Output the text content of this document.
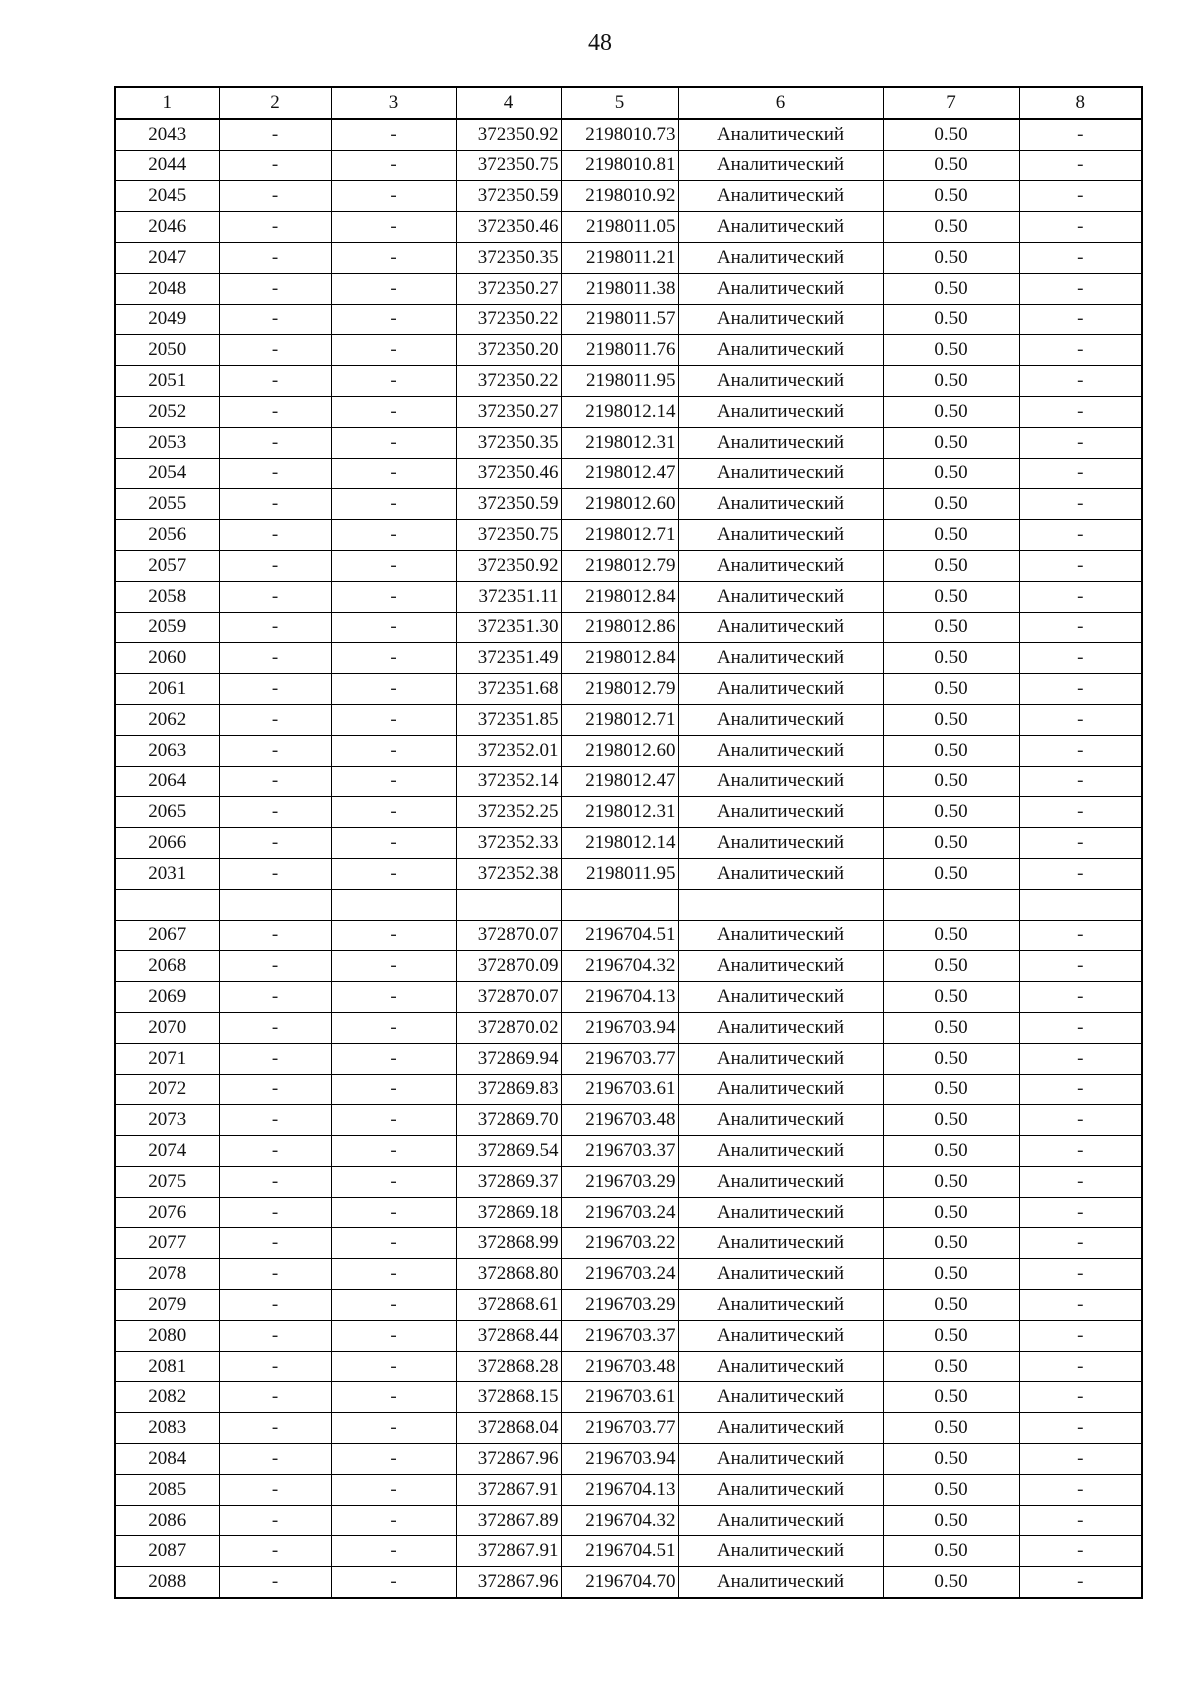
48
1	2	3	4	5	6	7	8
2043	-	-	372350.92	2198010.73	Аналитический	0.50	-
2044	-	-	372350.75	2198010.81	Аналитический	0.50	-
2045	-	-	372350.59	2198010.92	Аналитический	0.50	-
2046	-	-	372350.46	2198011.05	Аналитический	0.50	-
2047	-	-	372350.35	2198011.21	Аналитический	0.50	-
2048	-	-	372350.27	2198011.38	Аналитический	0.50	-
2049	-	-	372350.22	2198011.57	Аналитический	0.50	-
2050	-	-	372350.20	2198011.76	Аналитический	0.50	-
2051	-	-	372350.22	2198011.95	Аналитический	0.50	-
2052	-	-	372350.27	2198012.14	Аналитический	0.50	-
2053	-	-	372350.35	2198012.31	Аналитический	0.50	-
2054	-	-	372350.46	2198012.47	Аналитический	0.50	-
2055	-	-	372350.59	2198012.60	Аналитический	0.50	-
2056	-	-	372350.75	2198012.71	Аналитический	0.50	-
2057	-	-	372350.92	2198012.79	Аналитический	0.50	-
2058	-	-	372351.11	2198012.84	Аналитический	0.50	-
2059	-	-	372351.30	2198012.86	Аналитический	0.50	-
2060	-	-	372351.49	2198012.84	Аналитический	0.50	-
2061	-	-	372351.68	2198012.79	Аналитический	0.50	-
2062	-	-	372351.85	2198012.71	Аналитический	0.50	-
2063	-	-	372352.01	2198012.60	Аналитический	0.50	-
2064	-	-	372352.14	2198012.47	Аналитический	0.50	-
2065	-	-	372352.25	2198012.31	Аналитический	0.50	-
2066	-	-	372352.33	2198012.14	Аналитический	0.50	-
2031	-	-	372352.38	2198011.95	Аналитический	0.50	-

2067	-	-	372870.07	2196704.51	Аналитический	0.50	-
2068	-	-	372870.09	2196704.32	Аналитический	0.50	-
2069	-	-	372870.07	2196704.13	Аналитический	0.50	-
2070	-	-	372870.02	2196703.94	Аналитический	0.50	-
2071	-	-	372869.94	2196703.77	Аналитический	0.50	-
2072	-	-	372869.83	2196703.61	Аналитический	0.50	-
2073	-	-	372869.70	2196703.48	Аналитический	0.50	-
2074	-	-	372869.54	2196703.37	Аналитический	0.50	-
2075	-	-	372869.37	2196703.29	Аналитический	0.50	-
2076	-	-	372869.18	2196703.24	Аналитический	0.50	-
2077	-	-	372868.99	2196703.22	Аналитический	0.50	-
2078	-	-	372868.80	2196703.24	Аналитический	0.50	-
2079	-	-	372868.61	2196703.29	Аналитический	0.50	-
2080	-	-	372868.44	2196703.37	Аналитический	0.50	-
2081	-	-	372868.28	2196703.48	Аналитический	0.50	-
2082	-	-	372868.15	2196703.61	Аналитический	0.50	-
2083	-	-	372868.04	2196703.77	Аналитический	0.50	-
2084	-	-	372867.96	2196703.94	Аналитический	0.50	-
2085	-	-	372867.91	2196704.13	Аналитический	0.50	-
2086	-	-	372867.89	2196704.32	Аналитический	0.50	-
2087	-	-	372867.91	2196704.51	Аналитический	0.50	-
2088	-	-	372867.96	2196704.70	Аналитический	0.50	-
